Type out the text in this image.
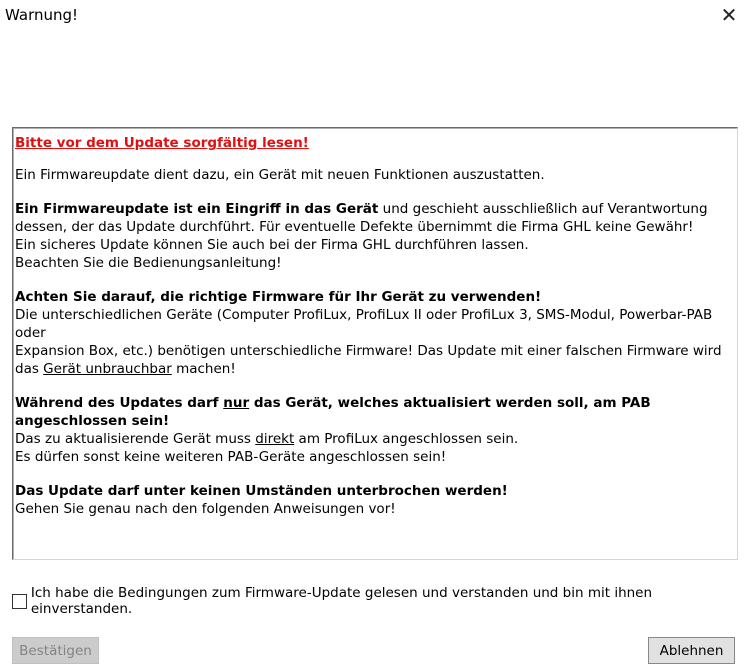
Warnung!	✕
Bitte vor dem Update sorgfältig lesen!
Ein Firmwareupdate dient dazu, ein Gerät mit neuen Funktionen auszustatten.
Ein Firmwareupdate ist ein Eingriff in das Gerät und geschieht ausschließlich auf Verantwortung
dessen, der das Update durchführt. Für eventuelle Defekte übernimmt die Firma GHL keine Gewähr!
Ein sicheres Update können Sie auch bei der Firma GHL durchführen lassen.
Beachten Sie die Bedienungsanleitung!
Achten Sie darauf, die richtige Firmware für Ihr Gerät zu verwenden!
Die unterschiedlichen Geräte (Computer ProfiLux, ProfiLux II oder ProfiLux 3, SMS-Modul, Powerbar-PAB oder
Expansion Box, etc.) benötigen unterschiedliche Firmware! Das Update mit einer falschen Firmware wird
das Gerät unbrauchbar machen!
Während des Updates darf nur das Gerät, welches aktualisiert werden soll, am PAB angeschlossen sein!
Das zu aktualisierende Gerät muss direkt am ProfiLux angeschlossen sein.
Es dürfen sonst keine weiteren PAB-Geräte angeschlossen sein!
Das Update darf unter keinen Umständen unterbrochen werden!
Gehen Sie genau nach den folgenden Anweisungen vor!
Ich habe die Bedingungen zum Firmware-Update gelesen und verstanden und bin mit ihnen einverstanden.
Bestätigen	Ablehnen
